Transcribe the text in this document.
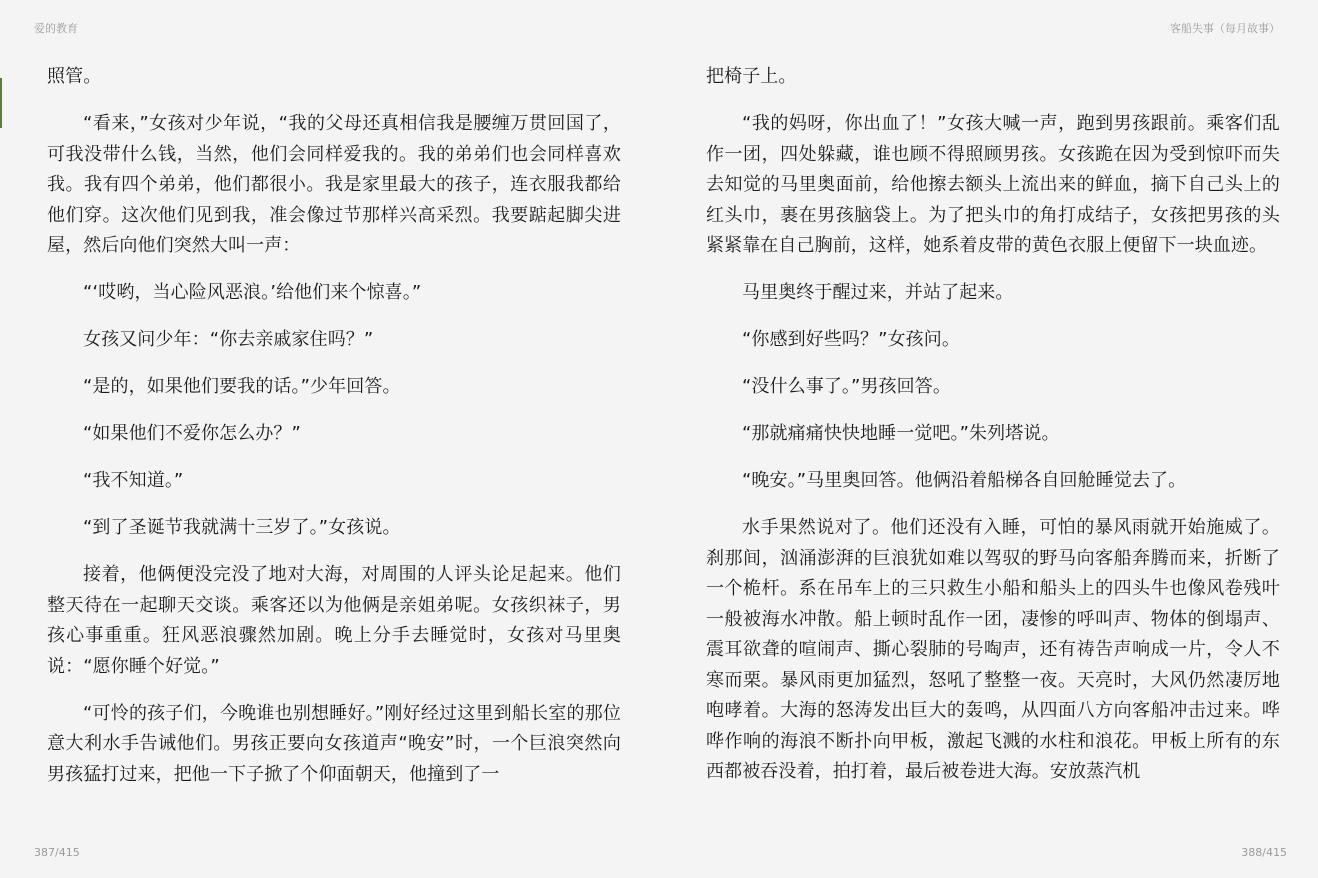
爱的教育

照管。

“看来，”女孩对少年说，“我的父母还真相信我是腰缠万贯回国了，可我没带什么钱，当然，他们会同样爱我的。我的弟弟们也会同样喜欢我。我有四个弟弟，他们都很小。我是家里最大的孩子，连衣服我都给他们穿。这次他们见到我，准会像过节那样兴高采烈。我要踮起脚尖进屋，然后向他们突然大叫一声：

“‘哎哟，当心险风恶浪。’给他们来个惊喜。”

女孩又问少年：“你去亲戚家住吗？”

“是的，如果他们要我的话。”少年回答。

“如果他们不爱你怎么办？”

“我不知道。”

“到了圣诞节我就满十三岁了。”女孩说。

接着，他俩便没完没了地对大海，对周围的人评头论足起来。他们整天待在一起聊天交谈。乘客还以为他俩是亲姐弟呢。女孩织袜子，男孩心事重重。狂风恶浪骤然加剧。晚上分手去睡觉时，女孩对马里奥说：“愿你睡个好觉。”

“可怜的孩子们，今晚谁也别想睡好。”刚好经过这里到船长室的那位意大利水手告诫他们。男孩正要向女孩道声“晚安”时，一个巨浪突然向男孩猛打过来，把他一下子掀了个仰面朝天，他撞到了一

387/415
客船失事（每月故事）

把椅子上。

“我的妈呀，你出血了！”女孩大喊一声，跑到男孩跟前。乘客们乱作一团，四处躲藏，谁也顾不得照顾男孩。女孩跪在因为受到惊吓而失去知觉的马里奥面前，给他擦去额头上流出来的鲜血，摘下自己头上的红头巾，裹在男孩脑袋上。为了把头巾的角打成结子，女孩把男孩的头紧紧靠在自己胸前，这样，她系着皮带的黄色衣服上便留下一块血迹。

马里奥终于醒过来，并站了起来。

“你感到好些吗？”女孩问。

“没什么事了。”男孩回答。

“那就痛痛快快地睡一觉吧。”朱列塔说。

“晚安。”马里奥回答。他俩沿着船梯各自回舱睡觉去了。

水手果然说对了。他们还没有入睡，可怕的暴风雨就开始施威了。刹那间，汹涌澎湃的巨浪犹如难以驾驭的野马向客船奔腾而来，折断了一个桅杆。系在吊车上的三只救生小船和船头上的四头牛也像风卷残叶一般被海水冲散。船上顿时乱作一团，凄惨的呼叫声、物体的倒塌声、震耳欲聋的喧闹声、撕心裂肺的号啕声，还有祷告声响成一片，令人不寒而栗。暴风雨更加猛烈，怒吼了整整一夜。天亮时，大风仍然凄厉地咆哮着。大海的怒涛发出巨大的轰鸣，从四面八方向客船冲击过来。哗哗作响的海浪不断扑向甲板，激起飞溅的水柱和浪花。甲板上所有的东西都被吞没着，拍打着，最后被卷进大海。安放蒸汽机

388/415
